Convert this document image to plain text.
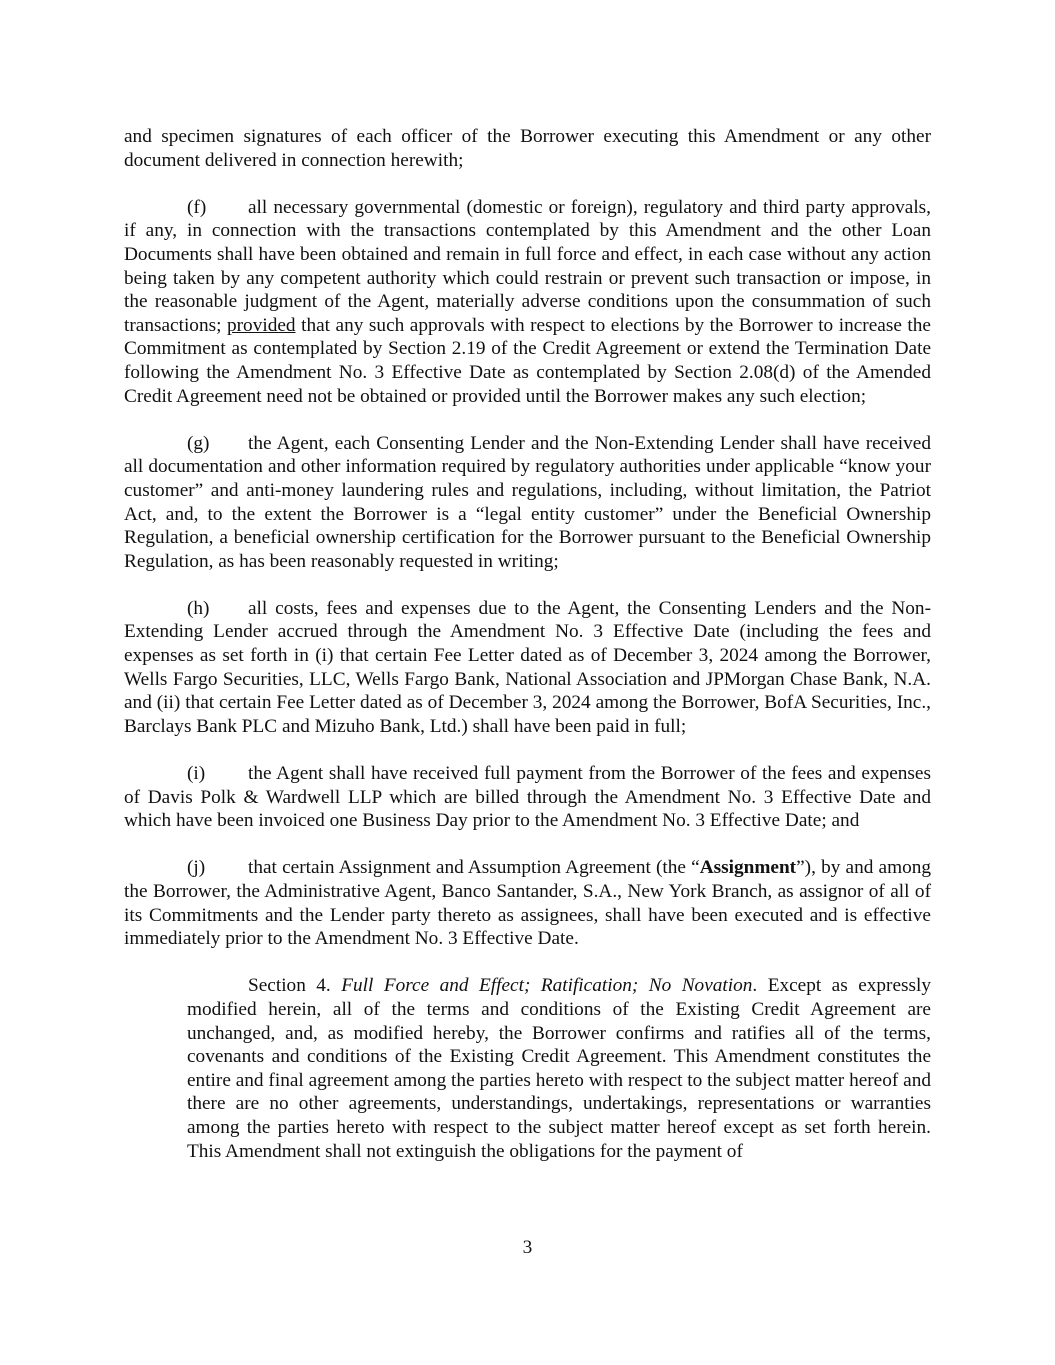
and specimen signatures of each officer of the Borrower executing this Amendment or any other document delivered in connection herewith;

(f) all necessary governmental (domestic or foreign), regulatory and third party approvals, if any, in connection with the transactions contemplated by this Amendment and the other Loan Documents shall have been obtained and remain in full force and effect, in each case without any action being taken by any competent authority which could restrain or prevent such transaction or impose, in the reasonable judgment of the Agent, materially adverse conditions upon the consummation of such transactions; provided that any such approvals with respect to elections by the Borrower to increase the Commitment as contemplated by Section 2.19 of the Credit Agreement or extend the Termination Date following the Amendment No. 3 Effective Date as contemplated by Section 2.08(d) of the Amended Credit Agreement need not be obtained or provided until the Borrower makes any such election;

(g) the Agent, each Consenting Lender and the Non-Extending Lender shall have received all documentation and other information required by regulatory authorities under applicable “know your customer” and anti-money laundering rules and regulations, including, without limitation, the Patriot Act, and, to the extent the Borrower is a “legal entity customer” under the Beneficial Ownership Regulation, a beneficial ownership certification for the Borrower pursuant to the Beneficial Ownership Regulation, as has been reasonably requested in writing;

(h) all costs, fees and expenses due to the Agent, the Consenting Lenders and the Non-Extending Lender accrued through the Amendment No. 3 Effective Date (including the fees and expenses as set forth in (i) that certain Fee Letter dated as of December 3, 2024 among the Borrower, Wells Fargo Securities, LLC, Wells Fargo Bank, National Association and JPMorgan Chase Bank, N.A. and (ii) that certain Fee Letter dated as of December 3, 2024 among the Borrower, BofA Securities, Inc., Barclays Bank PLC and Mizuho Bank, Ltd.) shall have been paid in full;

(i) the Agent shall have received full payment from the Borrower of the fees and expenses of Davis Polk & Wardwell LLP which are billed through the Amendment No. 3 Effective Date and which have been invoiced one Business Day prior to the Amendment No. 3 Effective Date; and

(j) that certain Assignment and Assumption Agreement (the “Assignment”), by and among the Borrower, the Administrative Agent, Banco Santander, S.A., New York Branch, as assignor of all of its Commitments and the Lender party thereto as assignees, shall have been executed and is effective immediately prior to the Amendment No. 3 Effective Date.

Section 4. Full Force and Effect; Ratification; No Novation. Except as expressly modified herein, all of the terms and conditions of the Existing Credit Agreement are unchanged, and, as modified hereby, the Borrower confirms and ratifies all of the terms, covenants and conditions of the Existing Credit Agreement. This Amendment constitutes the entire and final agreement among the parties hereto with respect to the subject matter hereof and there are no other agreements, understandings, undertakings, representations or warranties among the parties hereto with respect to the subject matter hereof except as set forth herein. This Amendment shall not extinguish the obligations for the payment of

3
